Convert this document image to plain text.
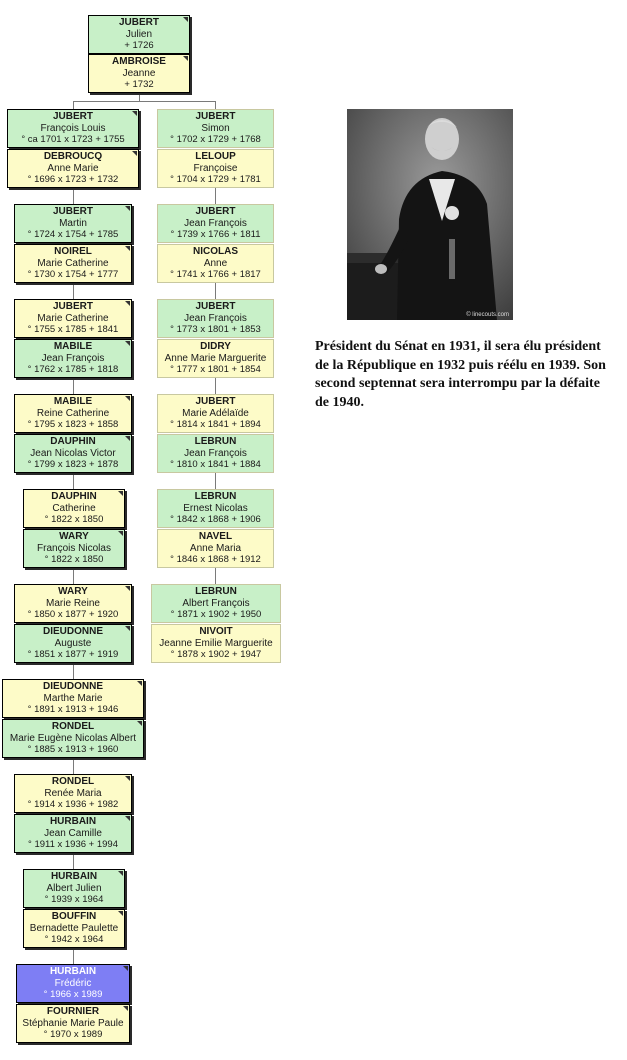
JUBERT
Julien
+ 1726
AMBROISE
Jeanne
+ 1732
JUBERT
François Louis
° ca 1701 x 1723 + 1755
DEBROUCQ
Anne Marie
° 1696 x 1723 + 1732
JUBERT
Simon
° 1702 x 1729 + 1768
LELOUP
Françoise
° 1704 x 1729 + 1781
JUBERT
Martin
° 1724 x 1754 + 1785
NOIREL
Marie Catherine
° 1730 x 1754 + 1777
JUBERT
Jean François
° 1739 x 1766 + 1811
NICOLAS
Anne
° 1741 x 1766 + 1817
JUBERT
Marie Catherine
° 1755 x 1785 + 1841
MABILE
Jean François
° 1762 x 1785 + 1818
JUBERT
Jean François
° 1773 x 1801 + 1853
DIDRY
Anne Marie Marguerite
° 1777 x 1801 + 1854
MABILE
Reine Catherine
° 1795 x 1823 + 1858
DAUPHIN
Jean Nicolas Victor
° 1799 x 1823 + 1878
JUBERT
Marie Adélaïde
° 1814 x 1841 + 1894
LEBRUN
Jean François
° 1810 x 1841 + 1884
DAUPHIN
Catherine
° 1822 x 1850
WARY
François Nicolas
° 1822 x 1850
LEBRUN
Ernest Nicolas
° 1842 x 1868 + 1906
NAVEL
Anne Maria
° 1846 x 1868 + 1912
WARY
Marie Reine
° 1850 x 1877 + 1920
DIEUDONNE
Auguste
° 1851 x 1877 + 1919
LEBRUN
Albert François
° 1871 x 1902 + 1950
NIVOIT
Jeanne Emilie Marguerite
° 1878 x 1902 + 1947
DIEUDONNE
Marthe Marie
° 1891 x 1913 + 1946
RONDEL
Marie Eugène Nicolas Albert
° 1885 x 1913 + 1960
RONDEL
Renée Maria
° 1914 x 1936 + 1982
HURBAIN
Jean Camille
° 1911 x 1936 + 1994
HURBAIN
Albert Julien
° 1939 x 1964
BOUFFIN
Bernadette Paulette
° 1942 x 1964
HURBAIN
Frédéric
° 1966 x 1989
FOURNIER
Stéphanie Marie Paule
° 1970 x 1989
© linecouts.com
Président du Sénat en 1931, il sera élu président de la République en 1932 puis réélu en 1939. Son second septennat sera interrompu par la défaite de 1940.
